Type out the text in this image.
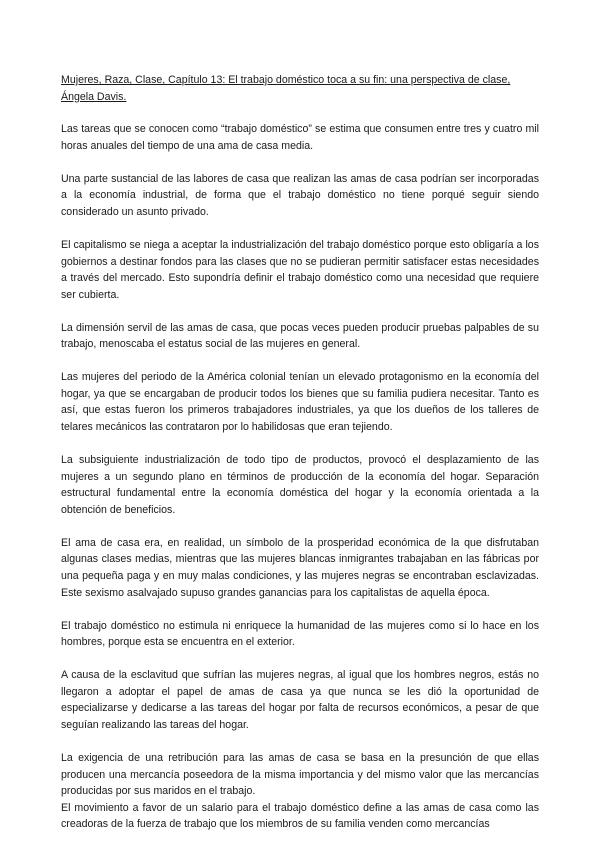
Mujeres, Raza, Clase, Capítulo 13: El trabajo doméstico toca a su fin: una perspectiva de clase, Ángela Davis.

Las tareas que se conocen como “trabajo doméstico” se estima que consumen entre tres y cuatro mil horas anuales del tiempo de una ama de casa media.

Una parte sustancial de las labores de casa que realizan las amas de casa podrían ser incorporadas a la economía industrial, de forma que el trabajo doméstico no tiene porqué seguir siendo considerado un asunto privado.

El capitalismo se niega a aceptar la industrialización del trabajo doméstico porque esto obligaría a los gobiernos a destinar fondos para las clases que no se pudieran permitir satisfacer estas necesidades a través del mercado. Esto supondría definir el trabajo doméstico como una necesidad que requiere ser cubierta.

La dimensión servil de las amas de casa, que pocas veces pueden producir pruebas palpables de su trabajo, menoscaba el estatus social de las mujeres en general.

Las mujeres del periodo de la América colonial tenían un elevado protagonismo en la economía del hogar, ya que se encargaban de producir todos los bienes que su familia pudiera necesitar. Tanto es así, que estas fueron los primeros trabajadores industriales, ya que los dueños de los talleres de telares mecánicos las contrataron por lo habilidosas que eran tejiendo.

La subsiguiente industrialización de todo tipo de productos, provocó el desplazamiento de las mujeres a un segundo plano en términos de producción de la economía del hogar. Separación estructural fundamental entre la economía doméstica del hogar y la economía orientada a la obtención de beneficios.

El ama de casa era, en realidad, un símbolo de la prosperidad económica de la que disfrutaban algunas clases medias, mientras que las mujeres blancas inmigrantes trabajaban en las fábricas por una pequeña paga y en muy malas condiciones, y las mujeres negras se encontraban esclavizadas. Este sexismo asalvajado supuso grandes ganancias para los capitalistas de aquella época.

El trabajo doméstico no estimula ni enriquece la humanidad de las mujeres como si lo hace en los hombres, porque esta se encuentra en el exterior.

A causa de la esclavitud que sufrían las mujeres negras, al igual que los hombres negros, estás no llegaron a adoptar el papel de amas de casa ya que nunca se les dió la oportunidad de especializarse y dedicarse a las tareas del hogar por falta de recursos económicos, a pesar de que seguían realizando las tareas del hogar.

La exigencia de una retribución para las amas de casa se basa en la presunción de que ellas producen una mercancía poseedora de la misma importancia y del mismo valor que las mercancías producidas por sus maridos en el trabajo.

El movimiento a favor de un salario para el trabajo doméstico define a las amas de casa como las creadoras de la fuerza de trabajo que los miembros de su familia venden como mercancías
